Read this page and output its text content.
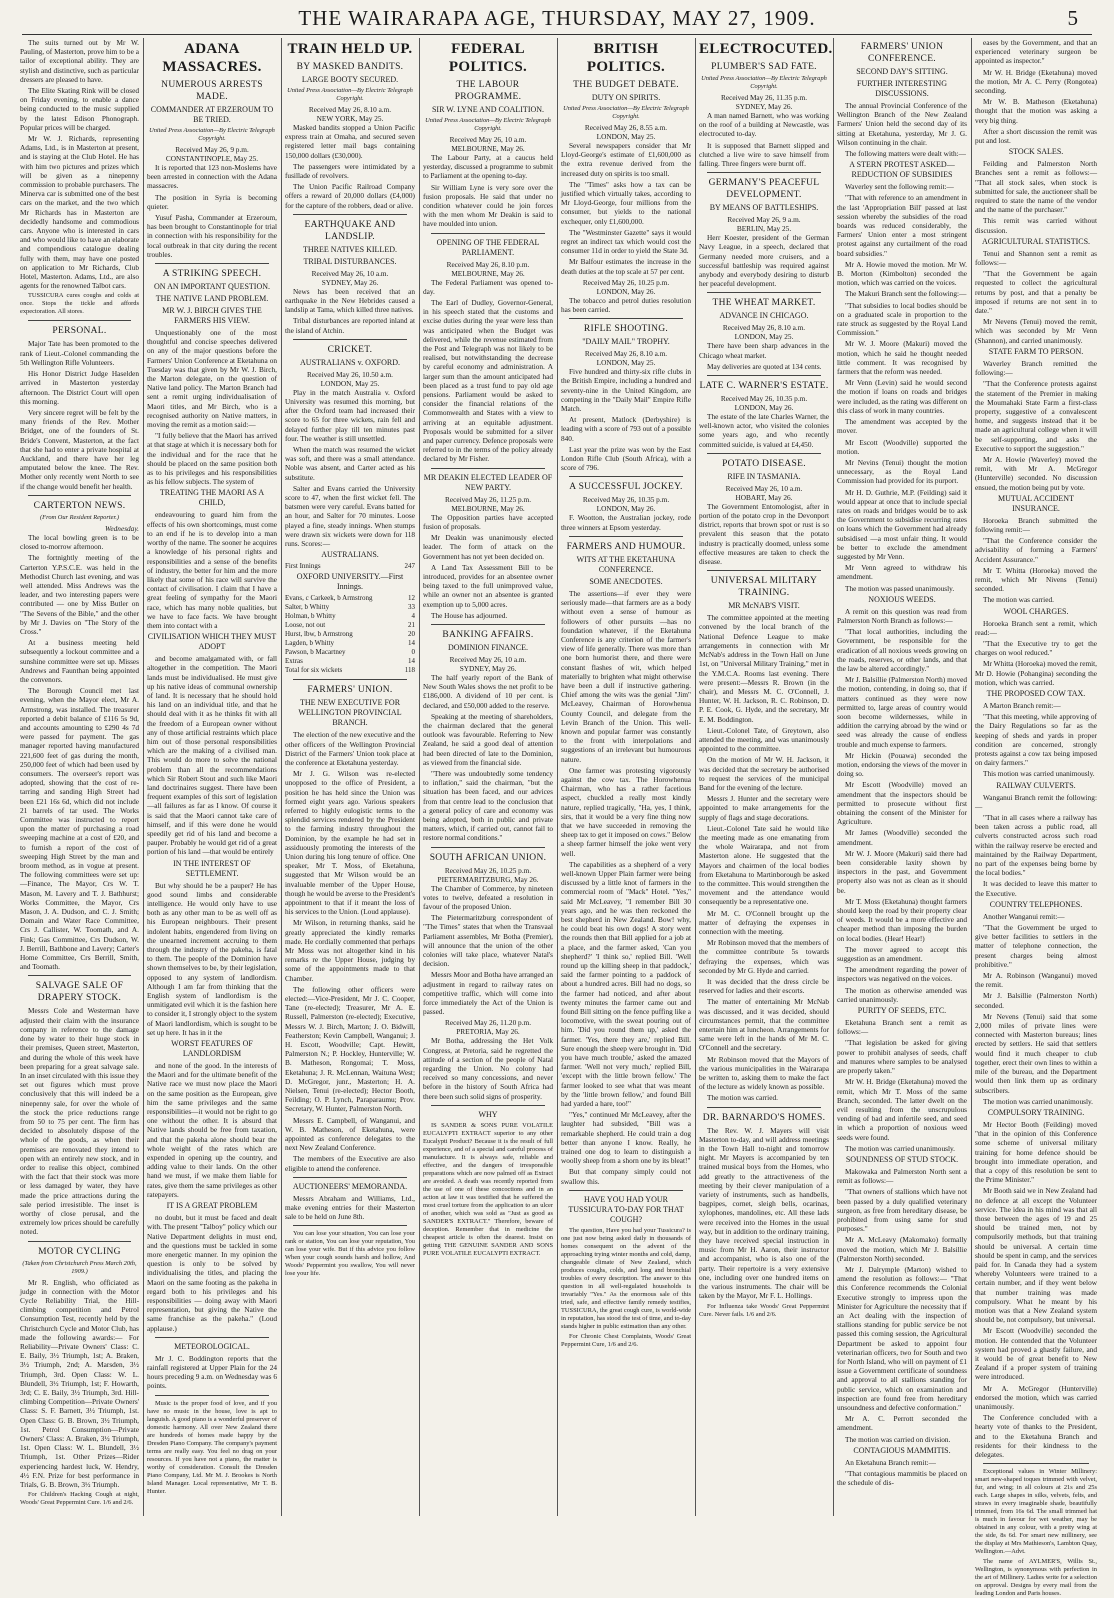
THE WAIRARAPA AGE, THURSDAY, MAY 27, 1909.	5

The suits turned out by Mr W. Pauling, of Masterton, prove him to be a tailor of exceptional ability. They are stylish and distinctive, such as particular dressers are pleased to have.

The Elite Skating Rink will be closed on Friday evening, to enable a dance being conducted to the music supplied by the latest Edison Phonograph. Popular prices will be charged.

Mr W. J. Richards, representing Adams, Ltd., is in Masterton at present, and is staying at the Club Hotel. He has with him two pictures and prizes which will be given as a ninepenny commission to probable purchasers. The Minerva car is submitted one of the best cars on the market, and the two which Mr Richards has in Masterton are decidedly handsome and commodious cars. Anyone who is interested in cars and who would like to have an elaborate and compendious catalogue dealing fully with them, may have one posted on application to Mr Richards, Club Hotel, Masterton. Adams, Ltd., are also agents for the renowned Talbot cars.

TUSSICURA cures coughs and colds at once. Stops the tickle and affords expectoration. All stores.

PERSONAL.

Major Tate has been promoted to the rank of Lieut.-Colonel commanding the 5th Wellington Rifle Volunteers.

His Honor District Judge Haselden arrived in Masterton yesterday afternoon. The District Court will open this morning.

Very sincere regret will be felt by the many friends of the Rev. Mother Bridget, one of the founders of St. Bride's Convent, Masterton, at the fact that she had to enter a private hospital at Auckland, and there have her leg amputated below the knee. The Rev. Mother only recently went North to see if the change would benefit her health.

CARTERTON NEWS.
(From Our Resident Reporter.)
Wednesday.

The local bowling green is to be closed to-morrow afternoon.

The fortnightly meeting of the Carterton Y.P.S.C.E. was held in the Methodist Church last evening, and was well attended. Miss Andrews was the leader, and two interesting papers were contributed — one by Miss Butler on "The Sevens of the Bible," and the other by Mr J. Davies on "The Story of the Cross."

At a business meeting held subsequently a lockout committee and a sunshine committee were set up. Misses Andrews and Faunthan being appointed the convenors.

The Borough Council met last evening, when the Mayor elect, Mr A. Armstrong, was installed. The treasurer reported a debit balance of £116 5s 9d, and accounts amounting to £290 4s 7d were passed for payment. The gas manager reported having manufactured 221,600 feet of gas during the month, 250,000 feet of which had been used by consumers. The overseer's report was adopted, showing that the cost of re-tarring and sanding High Street had been £21 16s 6d, which did not include 21 barrels of tar used. The Works Committee was instructed to report upon the matter of purchasing a road sweeping machine at a cost of £20, and to furnish a report of the cost of sweeping High Street by the man and broom method, as in vogue at present. The following committees were set up:—Finance, The Mayor, Crs W. T. Mason, M. Lavery and T. J. Bathhurst; Works Committee, the Mayor, Crs Mason, J. A. Dudson, and C. J. Smith; Domain and Water Race Committee, Crs J. Callister, W. Toomath, and A. Fink; Gas Committee, Crs Dudson, W. J. Berrill, Bathbone and Lavery; Carter's Home Committee, Crs Berrill, Smith, and Toomath.

SALVAGE SALE OF DRAPERY STOCK.

Messrs Cole and Westerman have adjusted their claim with the insurance company in reference to the damage done by water to their huge stock in their premises, Queen street, Masterton, and during the whole of this week have been preparing for a great salvage sale. In an inset circulated with this issue they set out figures which must prove conclusively that this will indeed be a ninepenny sale, for over the whole of the stock the price reductions range from 50 to 75 per cent. The firm has decided to absolutely dispose of the whole of the goods, as when their premises are renovated they intend to open with an entirely new stock, and in order to realise this object, combined with the fact that their stock was more or less damaged by water, they have made the price attractions during the sale period irresistible. The inset is worthy of close perusal, and the extremely low prices should be carefully noted.

MOTOR CYCLING
(Taken from Christchurch Press March 20th, 1909.)

Mr R. English, who officiated as judge in connection with the Motor Cycle Reliability Trial, the Hill-climbing competition and Petrol Consumption Test, recently held by the Christchurch Cycle and Motor Club, has made the following awards:— For Reliability—Private Owners' Class: C. E. Baily, 3½ Triumph, 1st; A. Braken, 3½ Triumph, 2nd; A. Marsden, 3½ Triumph, 3rd. Open Class: W. L. Blundell, 3½ Triumph, 1st; F. Howarth, 3rd; C. E. Baily, 3½ Triumph, 3rd. Hill-climbing Competition—Private Owners' Class: S. F. Barnett, 3½ Triumph, 1st. Open Class: G. B. Brown, 3½ Triumph, 1st. Petrol Consumption—Private Owners' Class: A. Braken, 3½ Triumph, 1st. Open Class: W. L. Blundell, 3½ Triumph, 1st. Other Prizes—Rider experiencing hardest luck, W. Hendry, 4½ F.N. Prize for best performance in Trials, G. B. Brown, 3½ Triumph.

For Children's Hacking Cough at night, Woods' Great Peppermint Cure. 1/6 and 2/6.

ADANA MASSACRES.
NUMEROUS ARRESTS MADE.
COMMANDER AT ERZEROUM TO BE TRIED.
United Press Association—By Electric Telegraph Copyright.
Received May 26, 9 p.m.
CONSTANTINOPLE, May 25.

It is reported that 123 non-Moslems have been arrested in connection with the Adana massacres.

The position in Syria is becoming quieter.

Yusuf Pasha, Commander at Erzeroum, has been brought to Constantinople for trial in connection with his responsibility for the local outbreak in that city during the recent troubles.

A STRIKING SPEECH.
ON AN IMPORTANT QUESTION.
THE NATIVE LAND PROBLEM.
MR W. J. BIRCH GIVES THE FARMERS HIS VIEW.

Unquestionably one of the most thoughtful and concise speeches delivered on any of the major questions before the Farmers' Union Conference at Eketahuna on Tuesday was that given by Mr W. J. Birch, the Marton delegate, on the question of Native land policy. The Marton Branch had sent a remit urging individualisation of Maori titles, and Mr Birch, who is a recognised authority on Native matters, in moving the remit as a motion said:—

"I fully believe that the Maori has arrived at that stage at which it is necessary both for the individual and for the race that he should be placed on the same position both as to his privileges and his responsibilities as his fellow subjects. The system of

TREATING THE MAORI AS A CHILD,

endeavouring to guard him from the effects of his own shortcomings, must come to an end if he is to develop into a man worthy of the name. The sooner he acquires a knowledge of his personal rights and responsibilities and a sense of the benefits of industry, the better for him and the more likely that some of his race will survive the contact of civilisation. I claim that I have a great feeling of sympathy for the Maori race, which has many noble qualities, but we have to face facts. We have brought them into contact with a

CIVILISATION WHICH THEY MUST ADOPT

and become amalgamated with, or fall altogether in the competition. The Maori lands must be individualised. He must give up his native ideas of communal ownership of land. It is necessary that he should hold his land on an individual title, and that he should deal with it as he thinks fit with all the freedom of a European owner without any of those artificial restraints which place him out of those personal responsibilities which are the making of a civilised man. This would do more to solve the national problem than all the recommendations which Sir Robert Stout and such like Maori land doctrinaires suggest. There have been frequent examples of this sort of legislation—all failures as far as I know. Of course it is said that the Maori cannot take care of himself, and if this were done he would speedily get rid of his land and become a pauper. Probably he would get rid of a great portion of his land —that would be entirely

IN THE INTEREST OF SETTLEMENT.

But why should he be a pauper? He has good sound limbs and considerable intelligence. He would only have to use both as any other man to be as well off as his European neighbours. Their present indolent habits, engendered from living on the unearned increment accruing to them through the industry of the pakeha, is fatal to them. The people of the Dominion have shown themselves to be, by their legislation, opposed to any system of landlordism. Although I am far from thinking that the English system of landlordism is the unmitigated evil which it is the fashion here to consider it, I strongly object to the system of Maori landlordism, which is sought to be set up here. It has in it the

WORST FEATURES OF LANDLORDISM

and none of the good. In the interests of the Maori and for the ultimate benefit of the Native race we must now place the Maori on the same position as the European, give him the same privileges and the same responsibilities—it would not be right to go one without the other. It is absurd that Native lands should be free from taxation, and that the pakeha alone should bear the whole weight of the rates which are expended in opening up the country, and adding value to their lands. On the other hand we must, if we make them liable for rates, give them the same privileges as other ratepayers.

IT IS A GREAT PROBLEM

no doubt, but it must be faced and dealt with. The present "Talboy" policy which our Native Department delights in must end, and the questions must be tackled in some more energetic manner. In my opinion the question is only to be solved by individualising the titles, and placing the Maori on the same footing as the pakeha in regard both to his privileges and his responsibilities — doing away with Maori representation, but giving the Native the same franchise as the pakeha." (Loud applause.)

METEOROLOGICAL.

Mr J. C. Boddington reports that the rainfall registered at Upper Plain for the 24 hours preceding 9 a.m. on Wednesday was 6 points.

Music is the proper food of love, and if you have no music in the house, love is apt to languish. A good piano is a wonderful preserver of domestic harmony. All over New Zealand there are hundreds of homes made happy by the Dresden Piano Company. The company's payment terms are really easy. You feel no drag on your resources. If you have not a piano, the matter is worthy of consideration. Consult the Dresden Piano Company, Ltd. Mr M. J. Brookes is North Island Manager. Local representative, Mr T. B. Hunter.

TRAIN HELD UP.
BY MASKED BANDITS.
LARGE BOOTY SECURED.
United Press Association—By Electric Telegraph Copyright.
Received May 26, 8.10 a.m.
NEW YORK, May 25.

Masked bandits stopped a Union Pacific express train at Omaha, and secured seven registered letter mail bags containing 150,000 dollars (£30,000).

The passengers were intimidated by a fusillade of revolvers.

The Union Pacific Railroad Company offers a reward of 20,000 dollars (£4,000) for the capture of the robbers, dead or alive.

EARTHQUAKE AND LANDSLIP.
THREE NATIVES KILLED.
TRIBAL DISTURBANCES.
Received May 26, 10 a.m.
SYDNEY, May 26.

News has been received that an earthquake in the New Hebrides caused a landslip at Tama, which killed three natives.

Tribal disturbances are reported inland at the island of Atchin.

CRICKET.
AUSTRALIANS v. OXFORD.
Received May 26, 10.50 a.m.
LONDON, May 25.

Play in the match Australia v. Oxford University was resumed this morning, but after the Oxford team had increased their score to 65 for three wickets, rain fell and delayed further play till ten minutes past four. The weather is still unsettled.

When the match was resumed the wicket was soft, and there was a small attendance. Noble was absent, and Carter acted as his substitute.

Salter and Evans carried the University score to 47, when the first wicket fell. The batsmen were very careful. Evans batted for an hour, and Salter for 70 minutes. Loose played a fine, steady innings. When stumps were drawn six wickets were down for 118 runs. Scores:—

AUSTRALIANS.
First Innings	247
OXFORD UNIVERSITY.—First Innings.
Evans, c Carkeek, b Armstrong	12
Salter, b Whitty	33
Holman, b Whitty	4
Loose, not out	21
Hurst, lbw, b Armstrong	20
Lagden, b Whitty	14
Pawson, b Macartney	0
Extras	14
Total for six wickets	118
FARMERS' UNION.
THE NEW EXECUTIVE FOR WELLINGTON PROVINCIAL BRANCH.

The election of the new executive and the other officers of the Wellington Provincial District of the Farmers' Union took place at the conference at Eketahuna yesterday.

Mr J. G. Wilson was re-elected unopposed to the office of President, a position he has held since the Union was formed eight years ago. Various speakers referred to highly eulogistic terms to the splendid services rendered by the President to the farming industry throughout the Dominion, by the example he had set in assiduously promoting the interests of the Union during his long tenure of office. One speaker, Mr T. Moss, of Eketahuna, suggested that Mr Wilson would be an invaluable member of the Upper House, though he would be averse to the President's appointment to that if it meant the loss of his services to the Union. (Loud applause).

Mr Wilson, in returning thanks, said he greatly appreciated the kindly remarks made. He cordially commented that perhaps Mr Moss was not altogether kind in his remarks re the Upper House, judging by some of the appointments made to that Chamber.

The following other officers were elected:—Vice-President, Mr J. C. Cooper, Tane (re-elected); Treasurer, Mr A. E. Russell, Palmerston (re-elected); Executive, Messrs W. J. Birch, Marton; J. O. Bidwill, Featherston; Kevin Campbell, Wanganui; J. H. Escott, Woodville; Capt. Hewitt, Palmerston N.; P. Hockley, Hunterville; W. B. Matheson, Rongomai; T. Moss, Eketahuna; J. R. McLennan, Waituna West; D. McGregor, junr., Masterton; H. A. Nielsen, Tenui (re-elected); Hector Booth, Feilding; O. P. Lynch, Paraparaumu; Prov. Secretary, W. Hunter, Palmerston North.

Messrs E. Campbell, of Wanganui, and W. B. Matheson, of Eketahuna, were appointed as conference delegates to the next New Zealand Conference.

The members of the Executive are also eligible to attend the conference.

AUCTIONEERS' MEMORANDA.

Messrs Abraham and Williams, Ltd., make evening entries for their Masterton sale to be held on June 8th.

You can lose your situation, You can lose your rank or station, You can lose your reputation, You can lose your wife. But if this advice you follow When your cough sounds harsh and hollow, And Woods' Peppermint you swallow, You will never lose your life.

FEDERAL POLITICS.
THE LABOUR PROGRAMME.
SIR W. LYNE AND COALITION.
United Press Association—By Electric Telegraph Copyright.
Received May 26, 10 a.m.
MELBOURNE, May 26.

The Labour Party, at a caucus held yesterday, discussed a programme to submit to Parliament at the opening to-day.

Sir William Lyne is very sore over the fusion proposals. He said that under no condition whatever could he join forces with the men whom Mr Deakin is said to have moulded into union.

OPENING OF THE FEDERAL PARLIAMENT.
Received May 26, 8.10 p.m.
MELBOURNE, May 26.

The Federal Parliament was opened to-day.

The Earl of Dudley, Governor-General, in his speech stated that the customs and excise duties during the year were less than was anticipated when the Budget was delivered, while the revenue estimated from the Post and Telegraph was not likely to be realised, but notwithstanding the decrease by careful economy and administration. A larger sum than the amount anticipated had been placed as a trust fund to pay old age pensions. Parliament would be asked to consider the financial relations of the Commonwealth and States with a view to arriving at an equitable adjustment. Proposals would be submitted for a silver and paper currency. Defence proposals were referred to in the terms of the policy already declared by Mr Fisher.

MR DEAKIN ELECTED LEADER OF NEW PARTY.
Received May 26, 11.25 p.m.
MELBOURNE, May 26.

The Opposition parties have accepted fusion of proposals.

Mr Deakin was unanimously elected leader. The form of attack on the Government has not yet been decided on.

A Land Tax Assessment Bill to be introduced, provides for an absentee owner being taxed to the full unimproved value, while an owner not an absentee is granted exemption up to 5,000 acres.

The House has adjourned.

BANKING AFFAIRS.
DOMINION FINANCE.
Received May 26, 10 a.m.
SYDNEY, May 26.

The half yearly report of the Bank of New South Wales shows the net profit to be £186,000. A dividend of 10 per cent. is declared, and £50,000 added to the reserve.

Speaking at the meeting of shareholders, the chairman declared that the general outlook was favourable. Referring to New Zealand, he said a good deal of attention had been directed of late to the Dominion, as viewed from the financial side.

"There was undoubtedly some tendency to inflation," said the chairman, "but the situation has been faced, and our advices from that centre lead to the conclusion that a general policy of care and economy was being adopted, both in public and private matters, which, if carried out, cannot fail to restore normal conditions."

SOUTH AFRICAN UNION.
Received May 26, 10.25 p.m.
PIETERMARITZBURG, May 26.

The Chamber of Commerce, by nineteen votes to twelve, defeated a resolution in favour of the proposed Union.

The Pietermaritzburg correspondent of "The Times" states that when the Transvaal Parliament assembles, Mr Botha (Premier), will announce that the union of the other colonies will take place, whatever Natal's decision.

Messrs Moor and Botha have arranged an adjustment in regard to railway rates on competitive traffic, which will come into force immediately the Act of the Union is passed.

Received May 26, 11.20 p.m.
PRETORIA, May 26.

Mr Botha, addressing the Het Volk Congress, at Pretoria, said he regretted the attitude of a section of the people of Natal regarding the Union. No colony had received so many concessions, and never before in the history of South Africa had there been such solid signs of prosperity.

WHY

IS SANDER & SONS PURE VOLATILE EUCALYPTI EXTRACT superior to any other Eucalypti Product? Because it is the result of full experience, and of a special and careful process of manufacture. It is always safe, reliable and effective, and the dangers of irresponsible preparations which are now palmed off as Extract are avoided. A death was recently reported from the use of one of these concoctions and in an action at law it was testified that he suffered the most cruel torture from the application to an ulcer of another, which was sold as "Just as good as SANDER'S EXTRACT." Therefore, beware of deception. Remember that in medicine the cheapest article is often the dearest. Insist on getting THE GENUINE SANDER AND SONS PURE VOLATILE EUCALYPTI EXTRACT.

BRITISH POLITICS.
THE BUDGET DEBATE.
DUTY ON SPIRITS.
United Press Association—By Electric Telegraph Copyright.
Received May 26, 8.55 a.m.
LONDON, May 25.

Several newspapers consider that Mr Lloyd-George's estimate of £1,600,000 as the extra revenue derived from the increased duty on spirits is too small.

The "Times" asks how a tax can be justified which virtually takes, according to Mr Lloyd-George, four millions from the consumer, but yields to the national exchequer, only £1,600,000.

The "Westminster Gazette" says it would regret an indirect tax which would cost the consumer 11d in order to yield the State 3d.

Mr Balfour estimates the increase in the death duties at the top scale at 57 per cent.

Received May 26, 10.25 p.m.
LONDON, May 26.

The tobacco and petrol duties resolution has been carried.

RIFLE SHOOTING.
"DAILY MAIL" TROPHY.
Received May 26, 8.10 a.m.
LONDON, May 25.

Five hundred and thirty-six rifle clubs in the British Empire, including a hundred and seventy-nine in the United Kingdom, are competing in the "Daily Mail" Empire Rifle Match.

At present, Matlock (Derbyshire) is leading with a score of 793 out of a possible 840.

Last year the prize was won by the East London Rifle Club (South Africa), with a score of 796.

A SUCCESSFUL JOCKEY.
Received May 26, 10.35 p.m.
LONDON, May 26.

F. Wootton, the Australian jockey, rode three winners at Epsom yesterday.

FARMERS AND HUMOUR.
WITS AT THE EKETAHUNA CONFERENCE.
SOME ANECDOTES.

The assertions—if ever they were seriously made—that farmers are as a body without even a sense of humour as followers of other pursuits —has no foundation whatever, if the Eketahuna Conference is any criterion of the farmer's view of life generally. There was more than one born humorist there, and there were constant flashes of wit, which helped materially to brighten what might otherwise have been a dull if instructive gathering. Chief among the wits was the genial "Jim" McLeavey, Chairman of Horowhenua County Council, and delegate from the Levin Branch of the Union. This well-known and popular farmer was constantly to the front with interpolations and suggestions of an irrelevant but humourous nature.

One farmer was protesting vigorously against the cow tax. The Horowhenua Chairman, who has a rather facetious aspect, chuckled a really most kindly nature, replied tragically, "Ha, yes, I think, sirs, that it would be a very fine thing now that we have succeeded in removing the sheep tax to get it imposed on cows." Below a sheep farmer himself the joke went very well.

The capabilities as a shepherd of a very well-known Upper Plain farmer were being discussed by a little knot of farmers in the commercial room of "Mack" Hotel. "Yes," said Mr McLeavey, "I remember Bill 30 years ago, and he was then reckoned the best shepherd in New Zealand. Bow! why, he could beat his own dogs! A story went the rounds then that Bill applied for a job at a place, and the farmer asked, 'Can you shepherd?' 'I think so,' replied Bill. 'Well round up the killing sheep in that paddock,' said the farmer pointing to a paddock of about a hundred acres. Bill had no dogs, so the farmer had noticed, and after about twenty minutes the farmer came out and found Bill sitting on the fence puffing like a locomotive, with the sweat pouring out of him. 'Did you round them up,' asked the farmer. 'Yes, there they are,' replied Bill. Sure enough the sheep were brought in. 'Did you have much trouble,' asked the amazed farmer. 'Well not very much,' replied Bill, 'except with the little brown fellow.' The farmer looked to see what that was meant by the 'little brown fellow,' and found Bill had yarded a hare, too!"

"Yes," continued Mr McLeavey, after the laughter had subsided, "Bill was a remarkable shepherd. He could train a dog better than anyone I know. Really, he trained one dog to learn to distinguish a woolly sheep from a shorn one by its bleat!"

But that company simply could not swallow this.

HAVE YOU HAD YOUR TUSSICURA TO-DAY FOR THAT COUGH?

The question, Have you had your Tussicura? is one just now being asked daily in thousands of homes consequent on the advent of the approaching trying winter months and cold, damp, changeable climate of New Zealand, which produces coughs, colds, and long and bronchial troubles of every description. The answer to this question in all well-regulated households is invariably "Yes." As the enormous sale of this tried, safe, and effective family remedy testifies, TUSSICURA, the great cough cure, is world-wide in reputation, has stood the test of time, and to-day stands higher in public estimation than any other.

For Chronic Chest Complaints, Woods' Great Peppermint Cure, 1/6 and 2/6.

ELECTROCUTED.
PLUMBER'S SAD FATE.
United Press Association—By Electric Telegraph Copyright.
Received May 26, 11.35 p.m.
SYDNEY, May 26.

A man named Barnett, who was working on the roof of a building at Newcastle, was electrocuted to-day.

It is supposed that Barnett slipped and clutched a live wire to save himself from falling. Three fingers were burnt off.

GERMANY'S PEACEFUL DEVELOPMENT.
BY MEANS OF BATTLESHIPS.
Received May 26, 9 a.m.
BERLIN, May 25.

Herr Koester, president of the German Navy League, in a speech, declared that Germany needed more cruisers, and a successful battleship was required against anybody and everybody desiring to disturb her peaceful development.

THE WHEAT MARKET.
ADVANCE IN CHICAGO.
Received May 26, 8.10 a.m.
LONDON, May 25.

There have been sharp advances in the Chicago wheat market.

May deliveries are quoted at 134 cents.

LATE C. WARNER'S ESTATE.
Received May 26, 10.35 p.m.
LONDON, May 26.

The estate of the late Charles Warner, the well-known actor, who visited the colonies some years ago, and who recently committed suicide, is valued at £4,450.

POTATO DISEASE.
RIFE IN TASMANIA.
Received May 26, 10 a.m.
HOBART, May 26.

The Government Entomologist, after in portion of the potato crop in the Devonport district, reports that brown spot or rust is so prevalent this season that the potato industry is practically doomed, unless some effective measures are taken to check the disease.

UNIVERSAL MILITARY TRAINING.
MR McNAB'S VISIT.

The committee appointed at the meeting convened by the local branch of the National Defence League to make arrangements in connection with Mr McNab's address in the Town Hall on June 1st, on "Universal Military Training," met in the Y.M.C.A. Rooms last evening. There were present:—Messrs R. Brown (in the chair), and Messrs M. C. O'Connell, J. Hunter, W. H. Jackson, R. C. Robinson, D. P. E. Cook, G. Hyde, and the secretary, Mr E. M. Boddington.

Lieut.-Colonel Tate, of Greytown, also attended the meeting, and was unanimously appointed to the committee.

On the motion of Mr W. H. Jackson, it was decided that the secretary be authorised to request the services of the municipal Band for the evening of the lecture.

Messrs J. Hunter and the secretary were appointed to make arrangements for the supply of flags and stage decorations.

Lieut.-Colonel Tate said he would like the meeting made as one emanating from the whole Wairarapa, and not from Masterton alone. He suggested that the Mayors and chairmen of the local bodies from Eketahuna to Martinborough be asked to the committee. This would strengthen the movement and the attendance would consequently be a representative one.

Mr M. C. O'Connell brought up the matter of defraying the expenses in connection with the meeting.

Mr Robinson moved that the members of the committee contribute 5s towards defraying the expenses, which was seconded by Mr G. Hyde and carried.

It was decided that the dress circle be reserved for ladies and their escorts.

The matter of entertaining Mr McNab was discussed, and it was decided, should circumstances permit, that the committee entertain him at luncheon. Arrangements for same were left in the hands of Mr M. C. O'Connell and the secretary.

Mr Robinson moved that the Mayors of the various municipalities in the Wairarapa be written to, asking them to make the fact of the lecture as widely known as possible.

The motion was carried.

DR. BARNARDO'S HOMES.

The Rev. W. J. Mayers will visit Masterton to-day, and will address meetings in the Town Hall to-night and tomorrow night. Mr Mayers is accompanied by ten trained musical boys from the Homes, who add greatly to the attractiveness of the meeting by their clever manipulation of a variety of instruments, such as handbells, bagpipes, cornet, sleigh bells, ocarinas, xylophones, mandolines, etc. All these lads were received into the Homes in the usual way, but in addition to the ordinary training, they have received special instruction in music from Mr H. Aaron, their instructor and accompanist, who is also one of the party. Their repertoire is a very extensive one, including over one hundred items on the various instruments. The chair will be taken by the Mayor, Mr F. L. Hollings.

For Influenza take Woods' Great Peppermint Cure. Never fails. 1/6 and 2/6.

FARMERS' UNION CONFERENCE.
SECOND DAY'S SITTING.
FURTHER INTERESTING DISCUSSIONS.

The annual Provincial Conference of the Wellington Branch of the New Zealand Farmers' Union held the second day of its sitting at Eketahuna, yesterday, Mr J. G. Wilson continuing in the chair.

The following matters were dealt with:—

A STERN PROTEST ASKED— REDUCTION OF SUBSIDIES

Waverley sent the following remit:—

"That with reference to an amendment in the last 'Appropriation Bill' passed at last session whereby the subsidies of the road boards was reduced considerably, the Farmers' Union enter a most stringent protest against any curtailment of the road board subsidies."

Mr A. Howie moved the motion. Mr W. B. Morton (Kimbolton) seconded the motion, which was carried on the voices.

The Makuri Branch sent the following:—

"That subsidies to local bodies should be on a graduated scale in proportion to the rate struck as suggested by the Royal Land Commission."

Mr W. J. Moore (Makuri) moved the motion, which he said he thought needed little comment. It was recognised by farmers that the reform was needed.

Mr Venn (Levin) said he would second the motion if loans on roads and bridges were included, as the rating was different on this class of work in many countries.

The amendment was accepted by the mover.

Mr Escott (Woodville) supported the motion.

Mr Nevins (Tenui) thought the motion unnecessary, as the Royal Land Commission had provided for its purport.

Mr H. D. Guthrie, M.P. (Feilding) said it would appear at once that to include special rates on roads and bridges would be to ask the Government to subsidise recurring rates on loans which the Government had already subsidised —a most unfair thing. It would be better to exclude the amendment suggested by Mr Venn.

Mr Venn agreed to withdraw his amendment.

The motion was passed unanimously.

NOXIOUS WEEDS.

A remit on this question was read from Palmerston North Branch as follows:—

"That local authorities, including the Government, be responsible for the eradication of all noxious weeds growing on the roads, reserves, or other lands, and that the law be altered accordingly."

Mr J. Balsillie (Palmerston North) moved the motion, contending, in doing so, that if matters continued as they were now permitted to, large areas of country would soon become wildernesses, while in addition the carrying abroad by the wind or seed was already the cause of endless trouble and much expense to farmers.

Mr Hickin (Pouawa) seconded the motion, endorsing the views of the mover in doing so.

Mr Escott (Woodville) moved an amendment that the inspectors should be permitted to prosecute without first obtaining the consent of the Minister for Agriculture.

Mr James (Woodville) seconded the amendment.

Mr W. J. Moore (Makuri) said there had been considerable laxity shown by inspectors in the past, and Government property also was not as clean as it should be.

Mr T. Moss (Eketahuna) thought farmers should keep the road by their property clear of weeds. It would be a more effective and cheaper method than imposing the burden on local bodies. (Hear! Hear!)

The mover agreed to accept this suggestion as an amendment.

The amendment regarding the power of inspectors was negatived on the voices.

The motion as otherwise amended was carried unanimously.

PURITY OF SEEDS, ETC.

Eketahuna Branch sent a remit as follows:—

"That legislation be asked for giving power to prohibit analyses of seeds, chaff and manures where samples to be analysed are properly taken."

Mr W. H. Bridge (Eketahuna) moved the remit, which Mr T. Moss of the same Branch, seconded. The latter dwelt on the evil resulting from the unscrupulous vending of bad and infertile seed, and seed in which a proportion of noxious weed seeds were found.

The motion was carried unanimously.

SOUNDNESS OF STUD STOCK.

Makowaka and Palmerston North sent a remit as follows:—

"That owners of stallions which have not been passed by a duly qualified veterinary surgeon, as free from hereditary disease, be prohibited from using same for stud purposes."

Mr A. McLeavy (Makomako) formally moved the motion, which Mr J. Balsillie (Palmerston North) seconded.

Mr J. Dalrymple (Marton) wished to amend the resolution as follows:— "That this Conference recommends the Colonial Executive strongly to impress upon the Minister for Agriculture the necessity that if an Act dealing with the inspection of stallions standing for public service be not passed this coming session, the Agricultural Department be asked to appoint four veterinarian officers, two for South and two for North Island, who will on payment of £1 issue a Government certificate of soundness and approval to all stallions standing for public service, which on examination and inspection are found free from hereditary unsoundness and defective conformation."

Mr A. C. Perrott seconded the amendment.

The motion was carried on division.

CONTAGIOUS MAMMITIS.

An Eketahuna Branch remit:—

"That contagious mammitis be placed on the schedule of dis-

eases by the Government, and that an experienced veterinary surgeon be appointed as inspector."

Mr W. H. Bridge (Eketahuna) moved the motion, Mr A. C. Perry (Rongotea) seconding.

Mr W. B. Matheson (Eketahuna) thought that the motion was asking a very big thing.

After a short discussion the remit was put and lost.

STOCK SALES.

Feilding and Palmerston North Branches sent a remit as follows:— "That all stock sales, when stock is submitted for sale, the auctioneer shall be required to state the name of the vendor and the name of the purchaser."

This remit was carried without discussion.

AGRICULTURAL STATISTICS.

Tenui and Shannon sent a remit as follows:—

"That the Government be again requested to collect the agricultural returns by post, and that a penalty be imposed if returns are not sent in to date."

Mr Nevens (Tenui) moved the remit, which was seconded by Mr Venn (Shannon), and carried unanimously.

STATE FARM TO PERSON.

Waverley Branch remitted the following:—

"That the Conference protests against the statement of the Premier in making the Moumahaki State Farm a first-class property, suggestive of a convalescent home, and suggests instead that it be made an agricultural college when it will be self-supporting, and asks the Executive to support the suggestion."

Mr A. Howie (Waverley) moved the remit, with Mr A. McGregor (Hunterville) seconded. No discussion ensued, the motion being put by vote.

MUTUAL ACCIDENT INSURANCE.

Horoeka Branch submitted the following remit:—

"That the Conference consider the advisability of forming a Farmers' Accident Assurance."

Mr T. Whitta (Horoeka) moved the remit, which Mr Nivens (Tenui) seconded.

The motion was carried.

WOOL CHARGES.

Horoeka Branch sent a remit, which read:—

"That the Executive try to get the charges on wool reduced."

Mr Whitta (Horoeka) moved the remit, Mr D. Howie (Pohangina) seconding the motion, which was carried.

THE PROPOSED COW TAX.

A Marton Branch remit:—

"That this meeting, while approving of the Dairy Regulations so far as the keeping of sheds and yards in proper condition are concerned, strongly protests against a cow tax being imposed on dairy farmers."

This motion was carried unanimously.

RAILWAY CULVERTS.

Wanganui Branch remit the following:—

"That in all cases where a railway has been taken across a public road, all culverts constructed across such road within the railway reserve be erected and maintained by the Railway Department, no part of the expenses being borne by the local bodies."

It was decided to leave this matter to the Executive.

COUNTRY TELEPHONES.

Another Wanganui remit:—

"That the Government be urged to give better facilities to settlers in the matter of telephone connection, the present charges being almost prohibitive."

Mr A. Robinson (Wanganui) moved the remit.

Mr J. Balsillie (Palmerston North) seconded.

Mr Nevens (Tenui) said that some 2,000 miles of private lines were connected with Masterton bureaus; lines erected by settlers. He said that settlers would find it much cheaper to club together, erect their own lines to within a mile of the bureau, and the Department would then link them up as ordinary subscribers.

The motion was carried unanimously.

COMPULSORY TRAINING.

Mr Hector Booth (Feilding) moved "that in the opinion of this Conference some scheme of universal military training for home defence should be brought into immediate operation, and that a copy of this resolution be sent to the Prime Minister."

Mr Booth said we in New Zealand had no defence at all except the Volunteer service. The idea in his mind was that all those between the ages of 19 and 25 should be trained men, not by compulsorily methods, but that training should be universal. A certain time should be spent in camp, and the services paid for. In Canada they had a system whereby Volunteers were trained to a certain number, and if they went below that number training was made compulsory. What he meant by his motion was that a New Zealand system should be, not compulsory, but universal.

Mr Escott (Woodville) seconded the motion. He contended that the Volunteer system had proved a ghastly failure, and it would be of great benefit to New Zealand if a proper system of training were introduced.

Mr A. McGregor (Hunterville) endorsed the motion, which was carried unanimously.

The Conference concluded with a hearty vote of thanks to the President, and to the Eketahuna Branch and residents for their kindness to the delegates.

Exceptional values in Winter Millinery: smart new-shaped toques trimmed with velvet, fur, and wing; in all colours at 21s and 25s each. Large shapes in silks, velvets, felts, and straws in every imaginable shade, beautifully trimmed, from 16s 6d. The small trimmed hat is much in favour for wet weather, may be obtained in any colour, with a pretty wing at the side, 8s 6d. For smart new millinery, see the display at Mrs Mathieson's, Lambton Quay, Wellington.—Advt.

The name of AYLMER'S, Willis St., Wellington, is synonymous with perfection in the art of Millinery. Ladies write for a selection on approval. Designs by every mail from the leading London and Paris houses.
